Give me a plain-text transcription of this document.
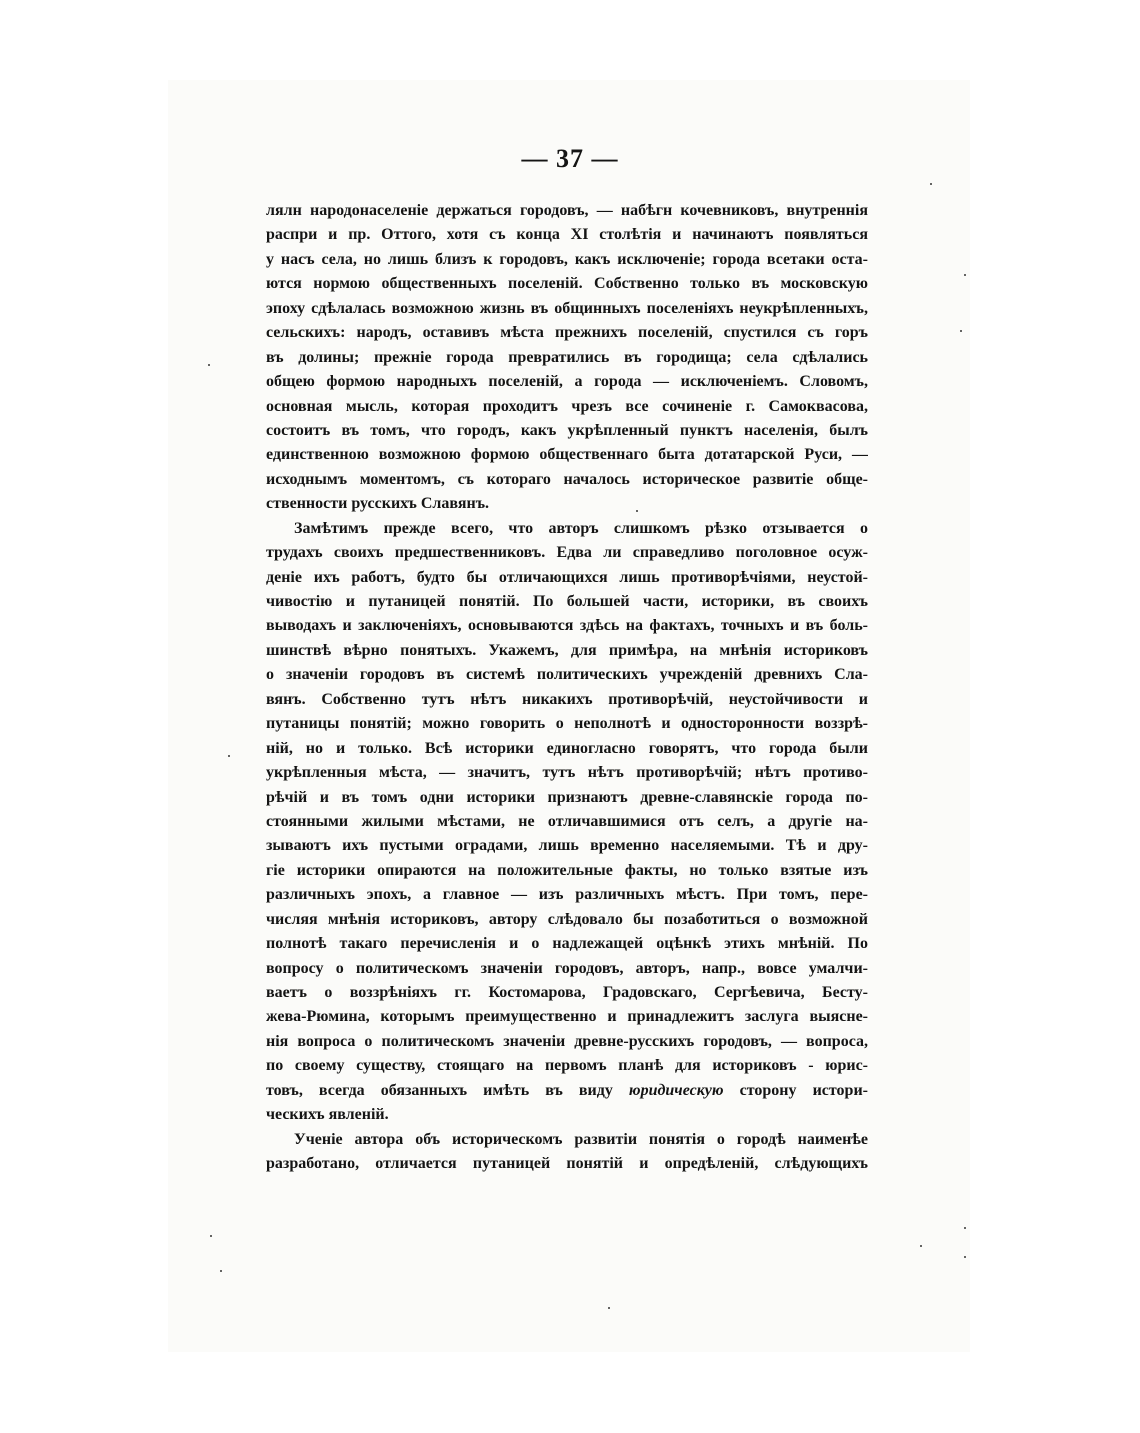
— 37 —
лялн народонаселеніе держаться городовъ, — набѣгн кочевниковъ, внутреннія
распри и пр. Оттого, хотя съ конца XI столѣтія и начинаютъ появляться
у насъ села, но лишь близъ к городовъ, какъ исключеніе; города всетаки оста-
ются нормою общественныхъ поселеній. Собственно только въ московскую
эпоху сдѣлалась возможною жизнь въ общинныхъ поселеніяхъ неукрѣпленныхъ,
сельскихъ: народъ, оставивъ мѣста прежнихъ поселеній, спустился съ горъ
въ долины; прежніе города превратились въ городища; села сдѣлались
общею формою народныхъ поселеній, а города — исключеніемъ. Словомъ,
основная мысль, которая проходитъ чрезъ все сочиненіе г. Самоквасова,
состоитъ въ томъ, что городъ, какъ укрѣпленный пунктъ населенія, былъ
единственною возможною формою общественнаго быта дотатарской Руси, —
исходнымъ моментомъ, съ котораго началось историческое развитіе обще-
ственности русскихъ Славянъ.
Замѣтимъ прежде всего, что авторъ слишкомъ рѣзко отзывается о
трудахъ своихъ предшественниковъ. Едва ли справедливо поголовное осуж-
деніе ихъ работъ, будто бы отличающихся лишь противорѣчіями, неустой-
чивостію и путаницей понятій. По большей части, историки, въ своихъ
выводахъ и заключеніяхъ, основываются здѣсь на фактахъ, точныхъ и въ боль-
шинствѣ вѣрно понятыхъ. Укажемъ, для примѣра, на мнѣнія историковъ
о значеніи городовъ въ системѣ политическихъ учрежденій древнихъ Сла-
вянъ. Собственно тутъ нѣтъ никакихъ противорѣчій, неустойчивости и
путаницы понятій; можно говорить о неполнотѣ и односторонности воззрѣ-
ній, но и только. Всѣ историки единогласно говорятъ, что города были
укрѣпленныя мѣста, — значитъ, тутъ нѣтъ противорѣчій; нѣтъ противо-
рѣчій и въ томъ одни историки признаютъ древне-славянскіе города по-
стоянными жилыми мѣстами, не отличавшимися отъ селъ, а другіе на-
зываютъ ихъ пустыми оградами, лишь временно населяемыми. Тѣ и дру-
гіе историки опираются на положительные факты, но только взятые изъ
различныхъ эпохъ, а главное — изъ различныхъ мѣстъ. При томъ, пере-
числяя мнѣнія историковъ, автору слѣдовало бы позаботиться о возможной
полнотѣ такаго перечисленія и о надлежащей оцѣнкѣ этихъ мнѣній. По
вопросу о политическомъ значеніи городовъ, авторъ, напр., вовсе умалчи-
ваетъ о воззрѣніяхъ гг. Костомарова, Градовскаго, Сергѣевича, Бесту-
жева-Рюмина, которымъ преимущественно и принадлежитъ заслуга выясне-
нія вопроса о политическомъ значеніи древне-русскихъ городовъ, — вопроса,
по своему существу, стоящаго на первомъ планѣ для историковъ - юрис-
товъ, всегда обязанныхъ имѣть въ виду юридическую сторону истори-
ческихъ явленій.
Ученіе автора объ историческомъ развитіи понятія о городѣ наименѣе
разработано, отличается путаницей понятій и опредѣленій, слѣдующихъ
